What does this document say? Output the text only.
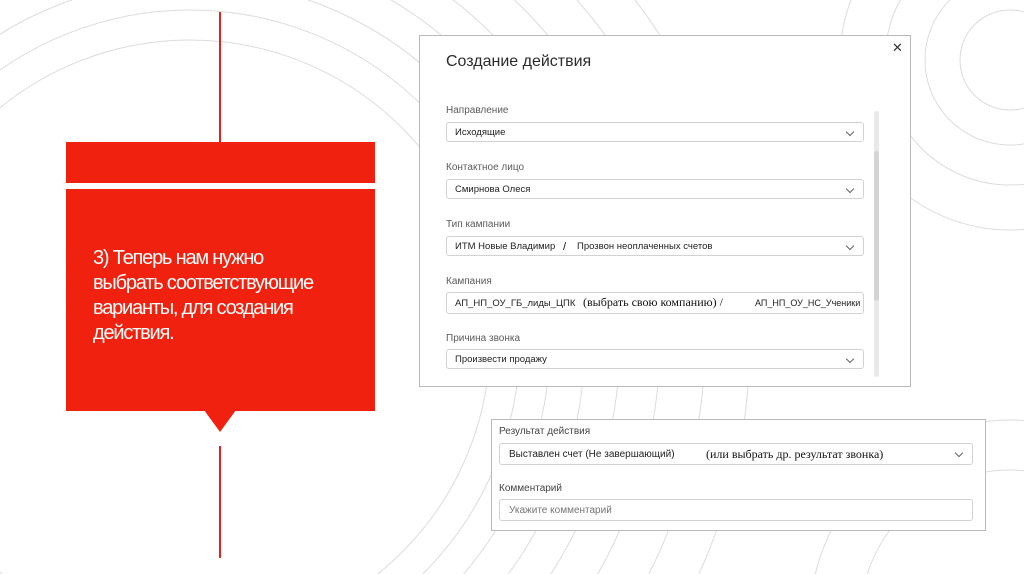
3) Теперь нам нужно
выбрать соответствующие
варианты, для создания
действия.
Создание действия
✕
Направление
Исходящие
Контактное лицо
Смирнова Олеся
Тип кампании
ИТМ Новые Владимир /	Прозвон неоплаченных счетов
Кампания
АП_НП_ОУ_ГБ_лиды_ЦПК (выбрать свою компанию) /	АП_НП_ОУ_НС_Ученики
Причина звонка
Произвести продажу
Результат действия
Выставлен счет (Не завершающий)	(или выбрать др. результат звонка)
Комментарий
Укажите комментарий
